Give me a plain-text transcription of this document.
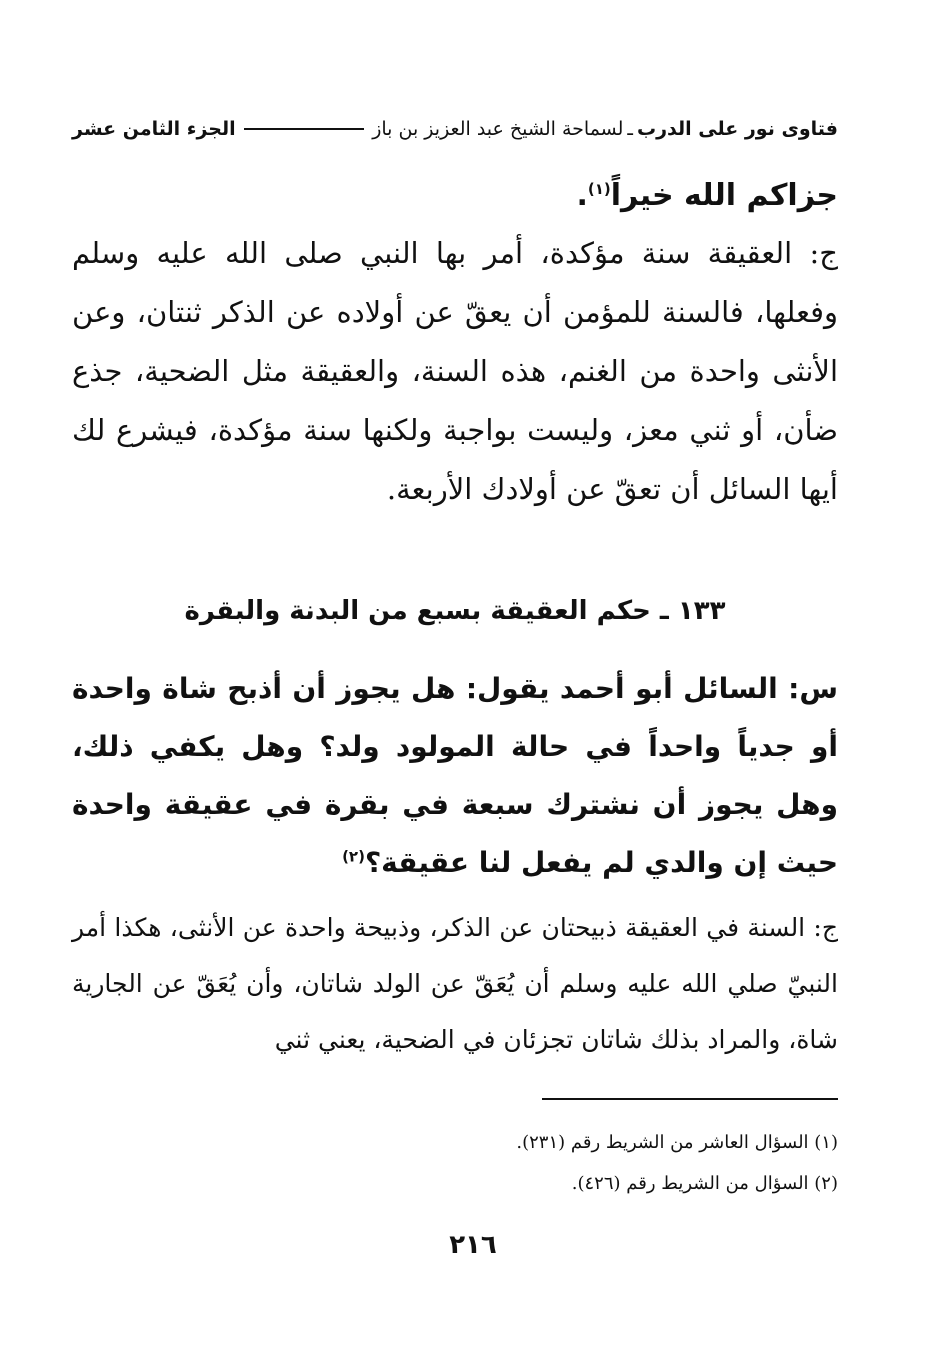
فتاوى نور على الدرب
ـ
لسماحة الشيخ عبد العزيز بن باز
الجزء الثامن عشر
جزاكم الله خيراً$^{(١)}$.
ج: العقيقة سنة مؤكدة، أمر بها النبي صلى الله عليه وسلم وفعلها، فالسنة للمؤمن أن يعقّ عن أولاده عن الذكر ثنتان، وعن الأنثى واحدة من الغنم، هذه السنة، والعقيقة مثل الضحية، جذع ضأن، أو ثني معز، وليست بواجبة ولكنها سنة مؤكدة، فيشرع لك أيها السائل أن تعقّ عن أولادك الأربعة.
١٣٣ ـ حكم العقيقة بسبع من البدنة والبقرة
س: السائل أبو أحمد يقول: هل يجوز أن أذبح شاة واحدة أو جدياً واحداً في حالة المولود ولد؟ وهل يكفي ذلك، وهل يجوز أن نشترك سبعة في بقرة في عقيقة واحدة حيث إن والدي لم يفعل لنا عقيقة؟$^{(٢)}$
ج: السنة في العقيقة ذبيحتان عن الذكر، وذبيحة واحدة عن الأنثى، هكذا أمر النبيّ صلي الله عليه وسلم أن يُعَقّ عن الولد شاتان، وأن يُعَقّ عن الجارية شاة، والمراد بذلك شاتان تجزئان في الضحية، يعني ثني
(١) السؤال العاشر من الشريط رقم (٢٣١).
(٢) السؤال من الشريط رقم (٤٢٦).
٢١٦
